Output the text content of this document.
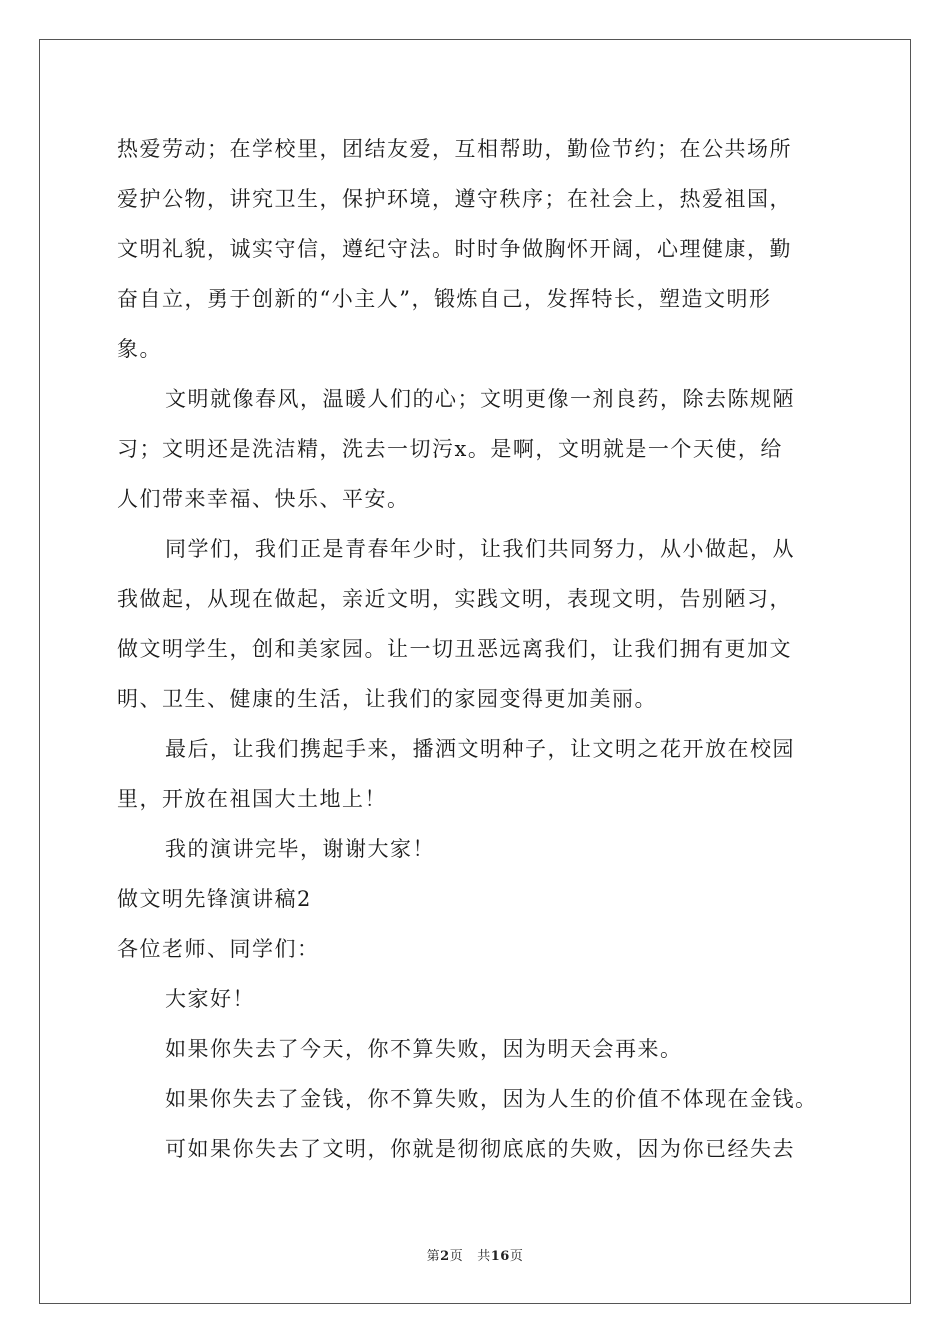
热爱劳动；在学校里，团结友爱，互相帮助，勤俭节约；在公共场所
爱护公物，讲究卫生，保护环境，遵守秩序；在社会上，热爱祖国，
文明礼貌，诚实守信，遵纪守法。时时争做胸怀开阔，心理健康，勤
奋自立，勇于创新的“小主人”，锻炼自己，发挥特长，塑造文明形
象。
文明就像春风，温暖人们的心；文明更像一剂良药，除去陈规陋
习；文明还是洗洁精，洗去一切污x。是啊，文明就是一个天使，给
人们带来幸福、快乐、平安。
同学们，我们正是青春年少时，让我们共同努力，从小做起，从
我做起，从现在做起，亲近文明，实践文明，表现文明，告别陋习，
做文明学生，创和美家园。让一切丑恶远离我们，让我们拥有更加文
明、卫生、健康的生活，让我们的家园变得更加美丽。
最后，让我们携起手来，播洒文明种子，让文明之花开放在校园
里，开放在祖国大土地上！
我的演讲完毕，谢谢大家！
做文明先锋演讲稿2
各位老师、同学们：
大家好！
如果你失去了今天，你不算失败，因为明天会再来。
如果你失去了金钱，你不算失败，因为人生的价值不体现在金钱。
可如果你失去了文明，你就是彻彻底底的失败，因为你已经失去
第2页 共16页
